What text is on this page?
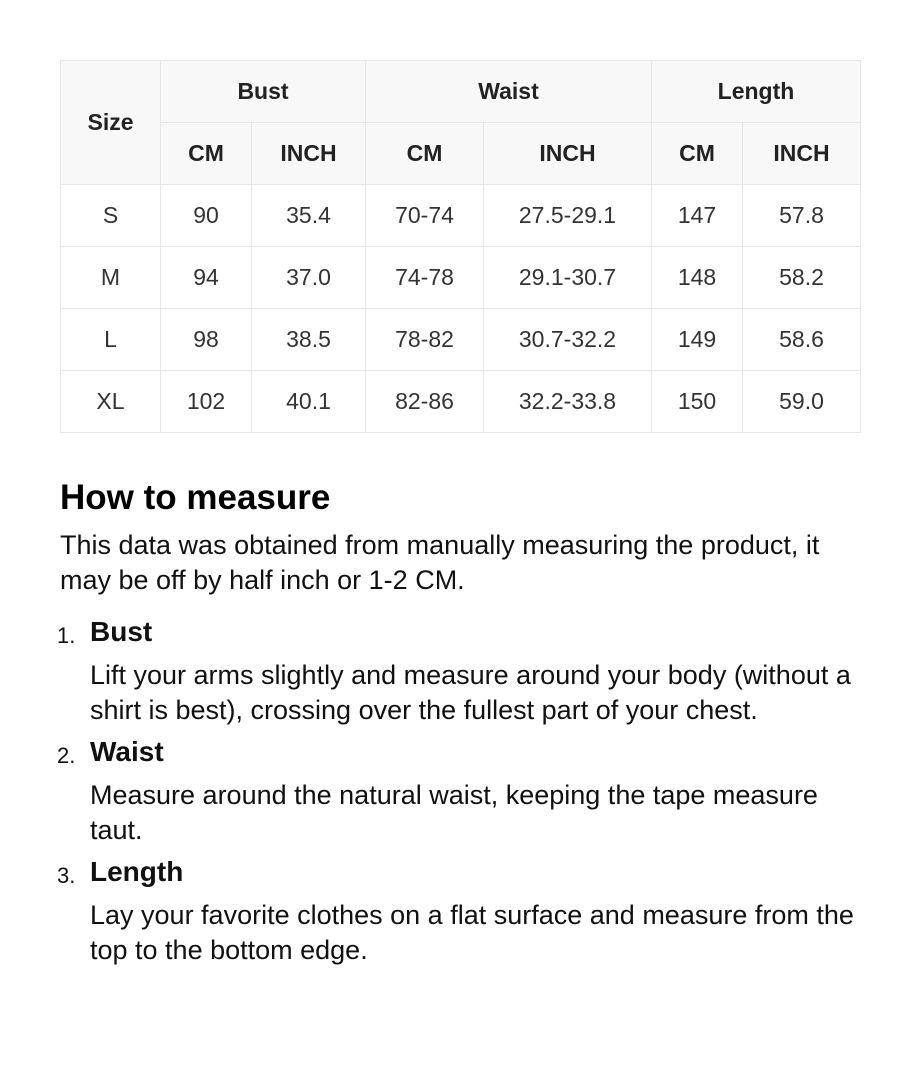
Size	Bust		Waist		Length	
	CM	INCH	CM	INCH	CM	INCH
S	90	35.4	70-74	27.5-29.1	147	57.8
M	94	37.0	74-78	29.1-30.7	148	58.2
L	98	38.5	78-82	30.7-32.2	149	58.6
XL	102	40.1	82-86	32.2-33.8	150	59.0
How to measure

This data was obtained from manually measuring the product, it may be off by half inch or 1-2 CM.

1. Bust

Lift your arms slightly and measure around your body (without a shirt is best), crossing over the fullest part of your chest.

2. Waist

Measure around the natural waist, keeping the tape measure taut.

3. Length

Lay your favorite clothes on a flat surface and measure from the top to the bottom edge.
